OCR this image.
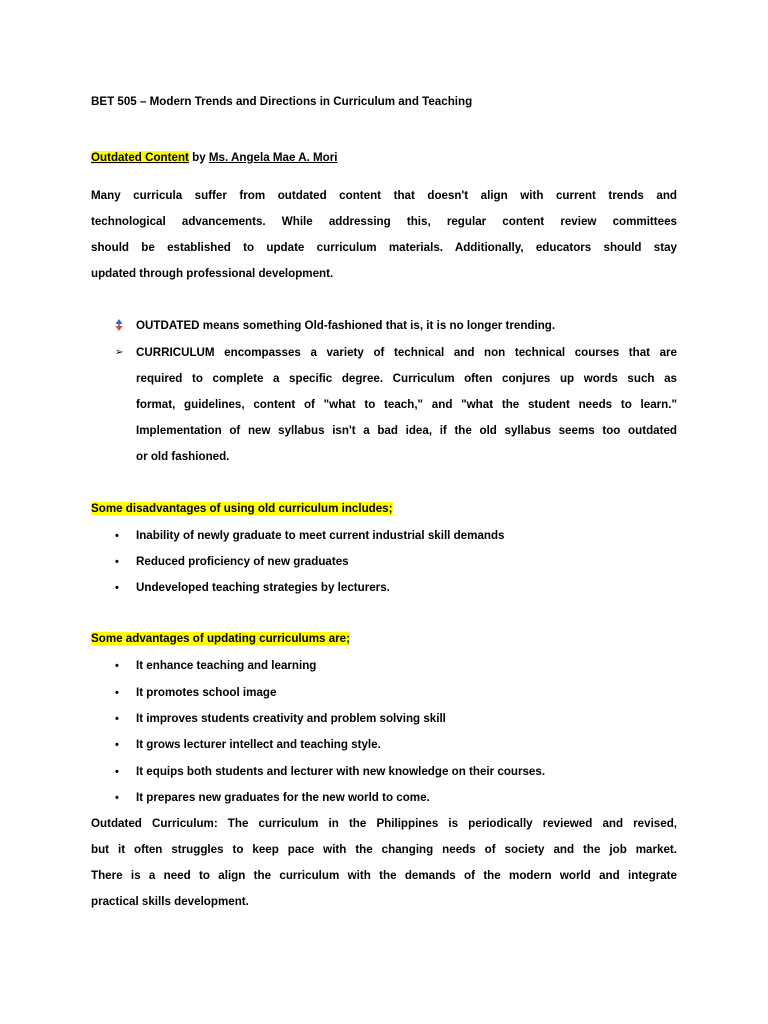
BET 505 – Modern Trends and Directions in Curriculum and Teaching
Outdated Content by Ms. Angela Mae A. Mori
Many curricula suffer from outdated content that doesn't align with current trends and
technological advancements. While addressing this, regular content review committees
should be established to update curriculum materials. Additionally, educators should stay
updated through professional development.
OUTDATED means something Old-fashioned that is, it is no longer trending.
➢	CURRICULUM encompasses a variety of technical and non technical courses that are
required to complete a specific degree. Curriculum often conjures up words such as
format, guidelines, content of "what to teach," and "what the student needs to learn."
Implementation of new syllabus isn't a bad idea, if the old syllabus seems too outdated
or old fashioned.
Some disadvantages of using old curriculum includes;
•	Inability of newly graduate to meet current industrial skill demands
•	Reduced proficiency of new graduates
•	Undeveloped teaching strategies by lecturers.
Some advantages of updating curriculums are;
•	It enhance teaching and learning
•	It promotes school image
•	It improves students creativity and problem solving skill
•	It grows lecturer intellect and teaching style.
•	It equips both students and lecturer with new knowledge on their courses.
•	It prepares new graduates for the new world to come.
Outdated Curriculum: The curriculum in the Philippines is periodically reviewed and revised,
but it often struggles to keep pace with the changing needs of society and the job market.
There is a need to align the curriculum with the demands of the modern world and integrate
practical skills development.
